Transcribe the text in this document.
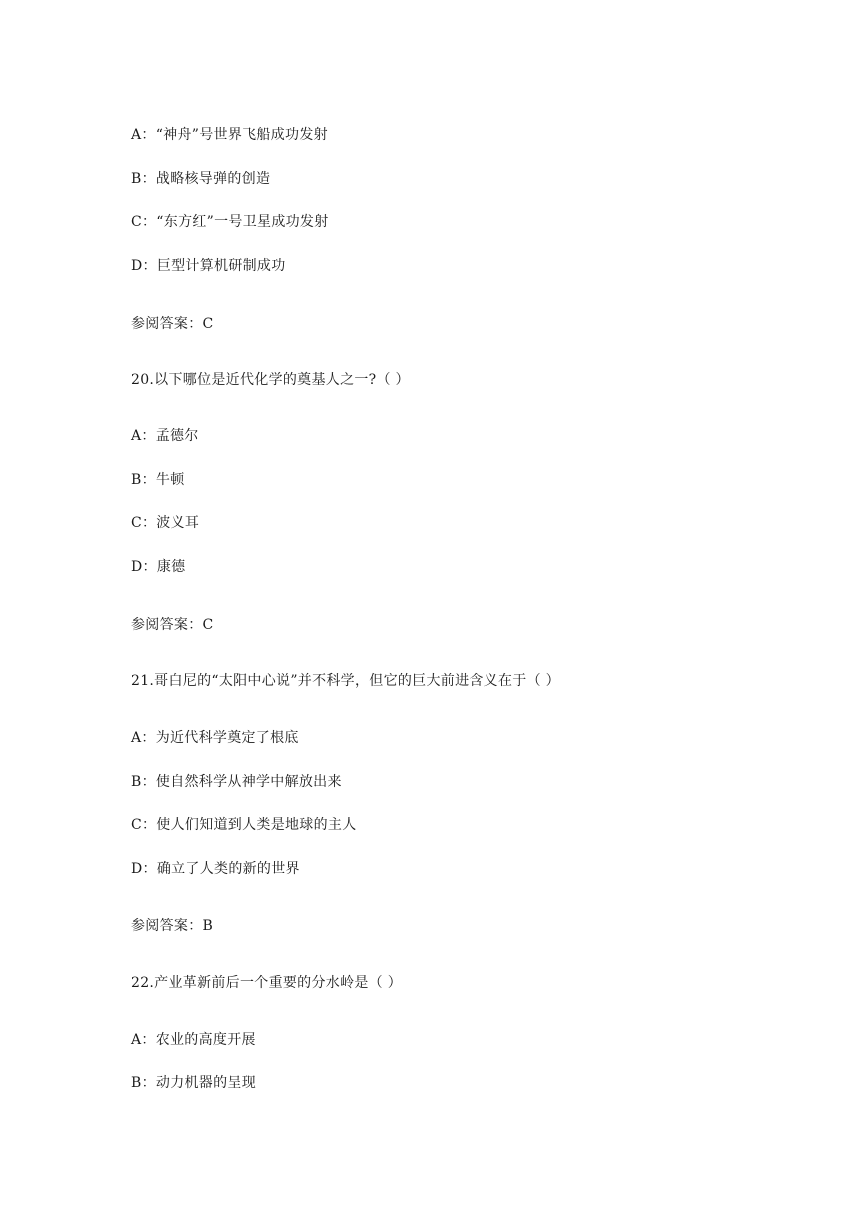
A：“神舟”号世界飞船成功发射
B：战略核导弹的创造
C：“东方红”一号卫星成功发射
D：巨型计算机研制成功
参阅答案：C
20.以下哪位是近代化学的奠基人之一?（ ）
A：孟德尔
B：牛顿
C：波义耳
D：康德
参阅答案：C
21.哥白尼的“太阳中心说”并不科学，但它的巨大前进含义在于（ ）
A：为近代科学奠定了根底
B：使自然科学从神学中解放出来
C：使人们知道到人类是地球的主人
D：确立了人类的新的世界
参阅答案：B
22.产业革新前后一个重要的分水岭是（ ）
A：农业的高度开展
B：动力机器的呈现
